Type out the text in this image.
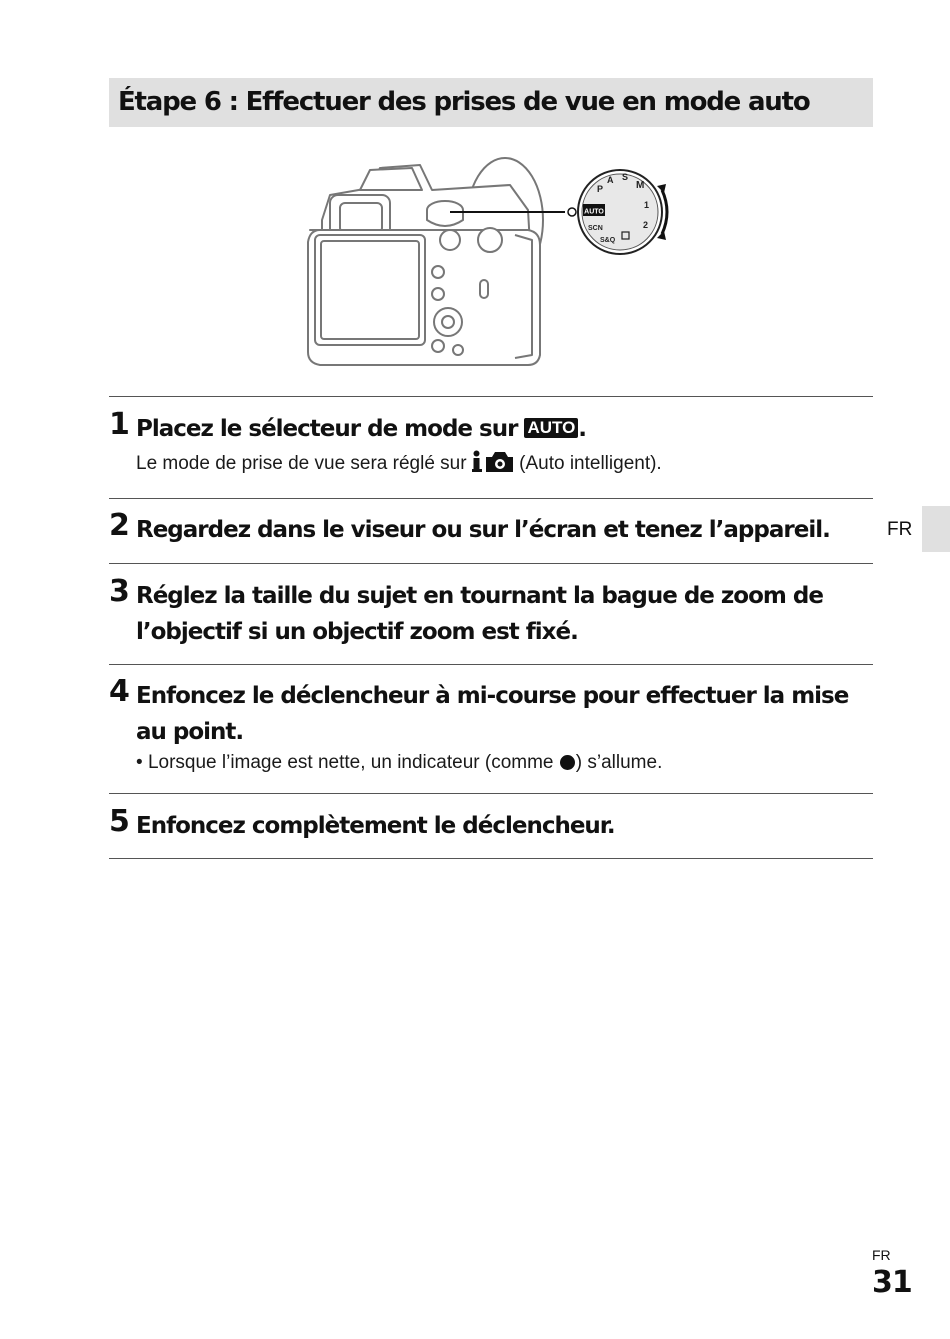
Étape 6 : Effectuer des prises de vue en mode auto
AUTO
P
A S
M
1
2
SCN
S&Q
1 Placez le sélecteur de mode sur AUTO .
Le mode de prise de vue sera réglé sur  (Auto intelligent).
2 Regardez dans le viseur ou sur l’écran et tenez l’appareil.
3 Réglez la taille du sujet en tournant la bague de zoom de l’objectif si un objectif zoom est fixé.
4 Enfoncez le déclencheur à mi-course pour effectuer la mise au point.
• Lorsque l’image est nette, un indicateur (comme ) s’allume.
5 Enfoncez complètement le déclencheur.
FR
FR
31
